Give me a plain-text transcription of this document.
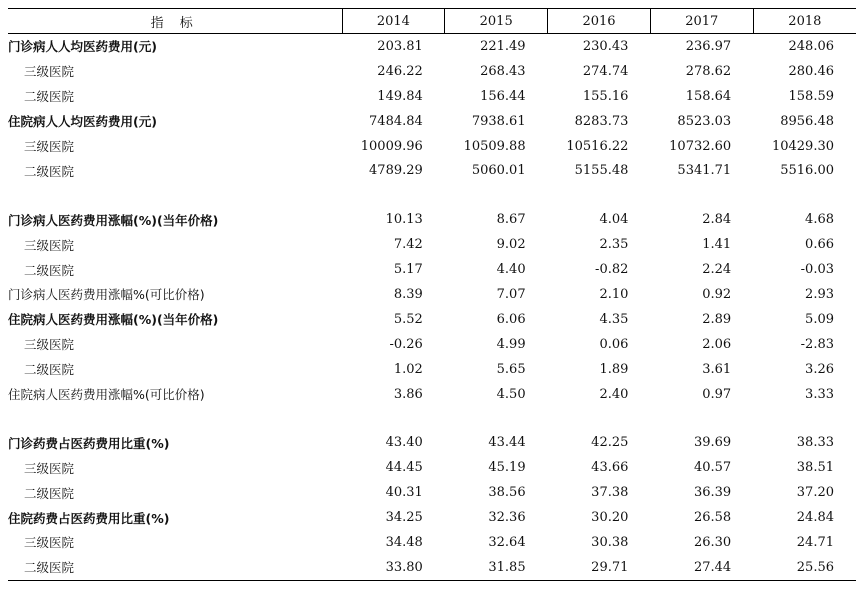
指 标	2014	2015	2016	2017	2018
门诊病人人均医药费用(元)	203.81	221.49	230.43	236.97	248.06
三级医院	246.22	268.43	274.74	278.62	280.46
二级医院	149.84	156.44	155.16	158.64	158.59
住院病人人均医药费用(元)	7484.84	7938.61	8283.73	8523.03	8956.48
三级医院	10009.96	10509.88	10516.22	10732.60	10429.30
二级医院	4789.29	5060.01	5155.48	5341.71	5516.00

门诊病人医药费用涨幅(%)(当年价格)	10.13	8.67	4.04	2.84	4.68
三级医院	7.42	9.02	2.35	1.41	0.66
二级医院	5.17	4.40	-0.82	2.24	-0.03
门诊病人医药费用涨幅%(可比价格)	8.39	7.07	2.10	0.92	2.93
住院病人医药费用涨幅(%)(当年价格)	5.52	6.06	4.35	2.89	5.09
三级医院	-0.26	4.99	0.06	2.06	-2.83
二级医院	1.02	5.65	1.89	3.61	3.26
住院病人医药费用涨幅%(可比价格)	3.86	4.50	2.40	0.97	3.33

门诊药费占医药费用比重(%)	43.40	43.44	42.25	39.69	38.33
三级医院	44.45	45.19	43.66	40.57	38.51
二级医院	40.31	38.56	37.38	36.39	37.20
住院药费占医药费用比重(%)	34.25	32.36	30.20	26.58	24.84
三级医院	34.48	32.64	30.38	26.30	24.71
二级医院	33.80	31.85	29.71	27.44	25.56
